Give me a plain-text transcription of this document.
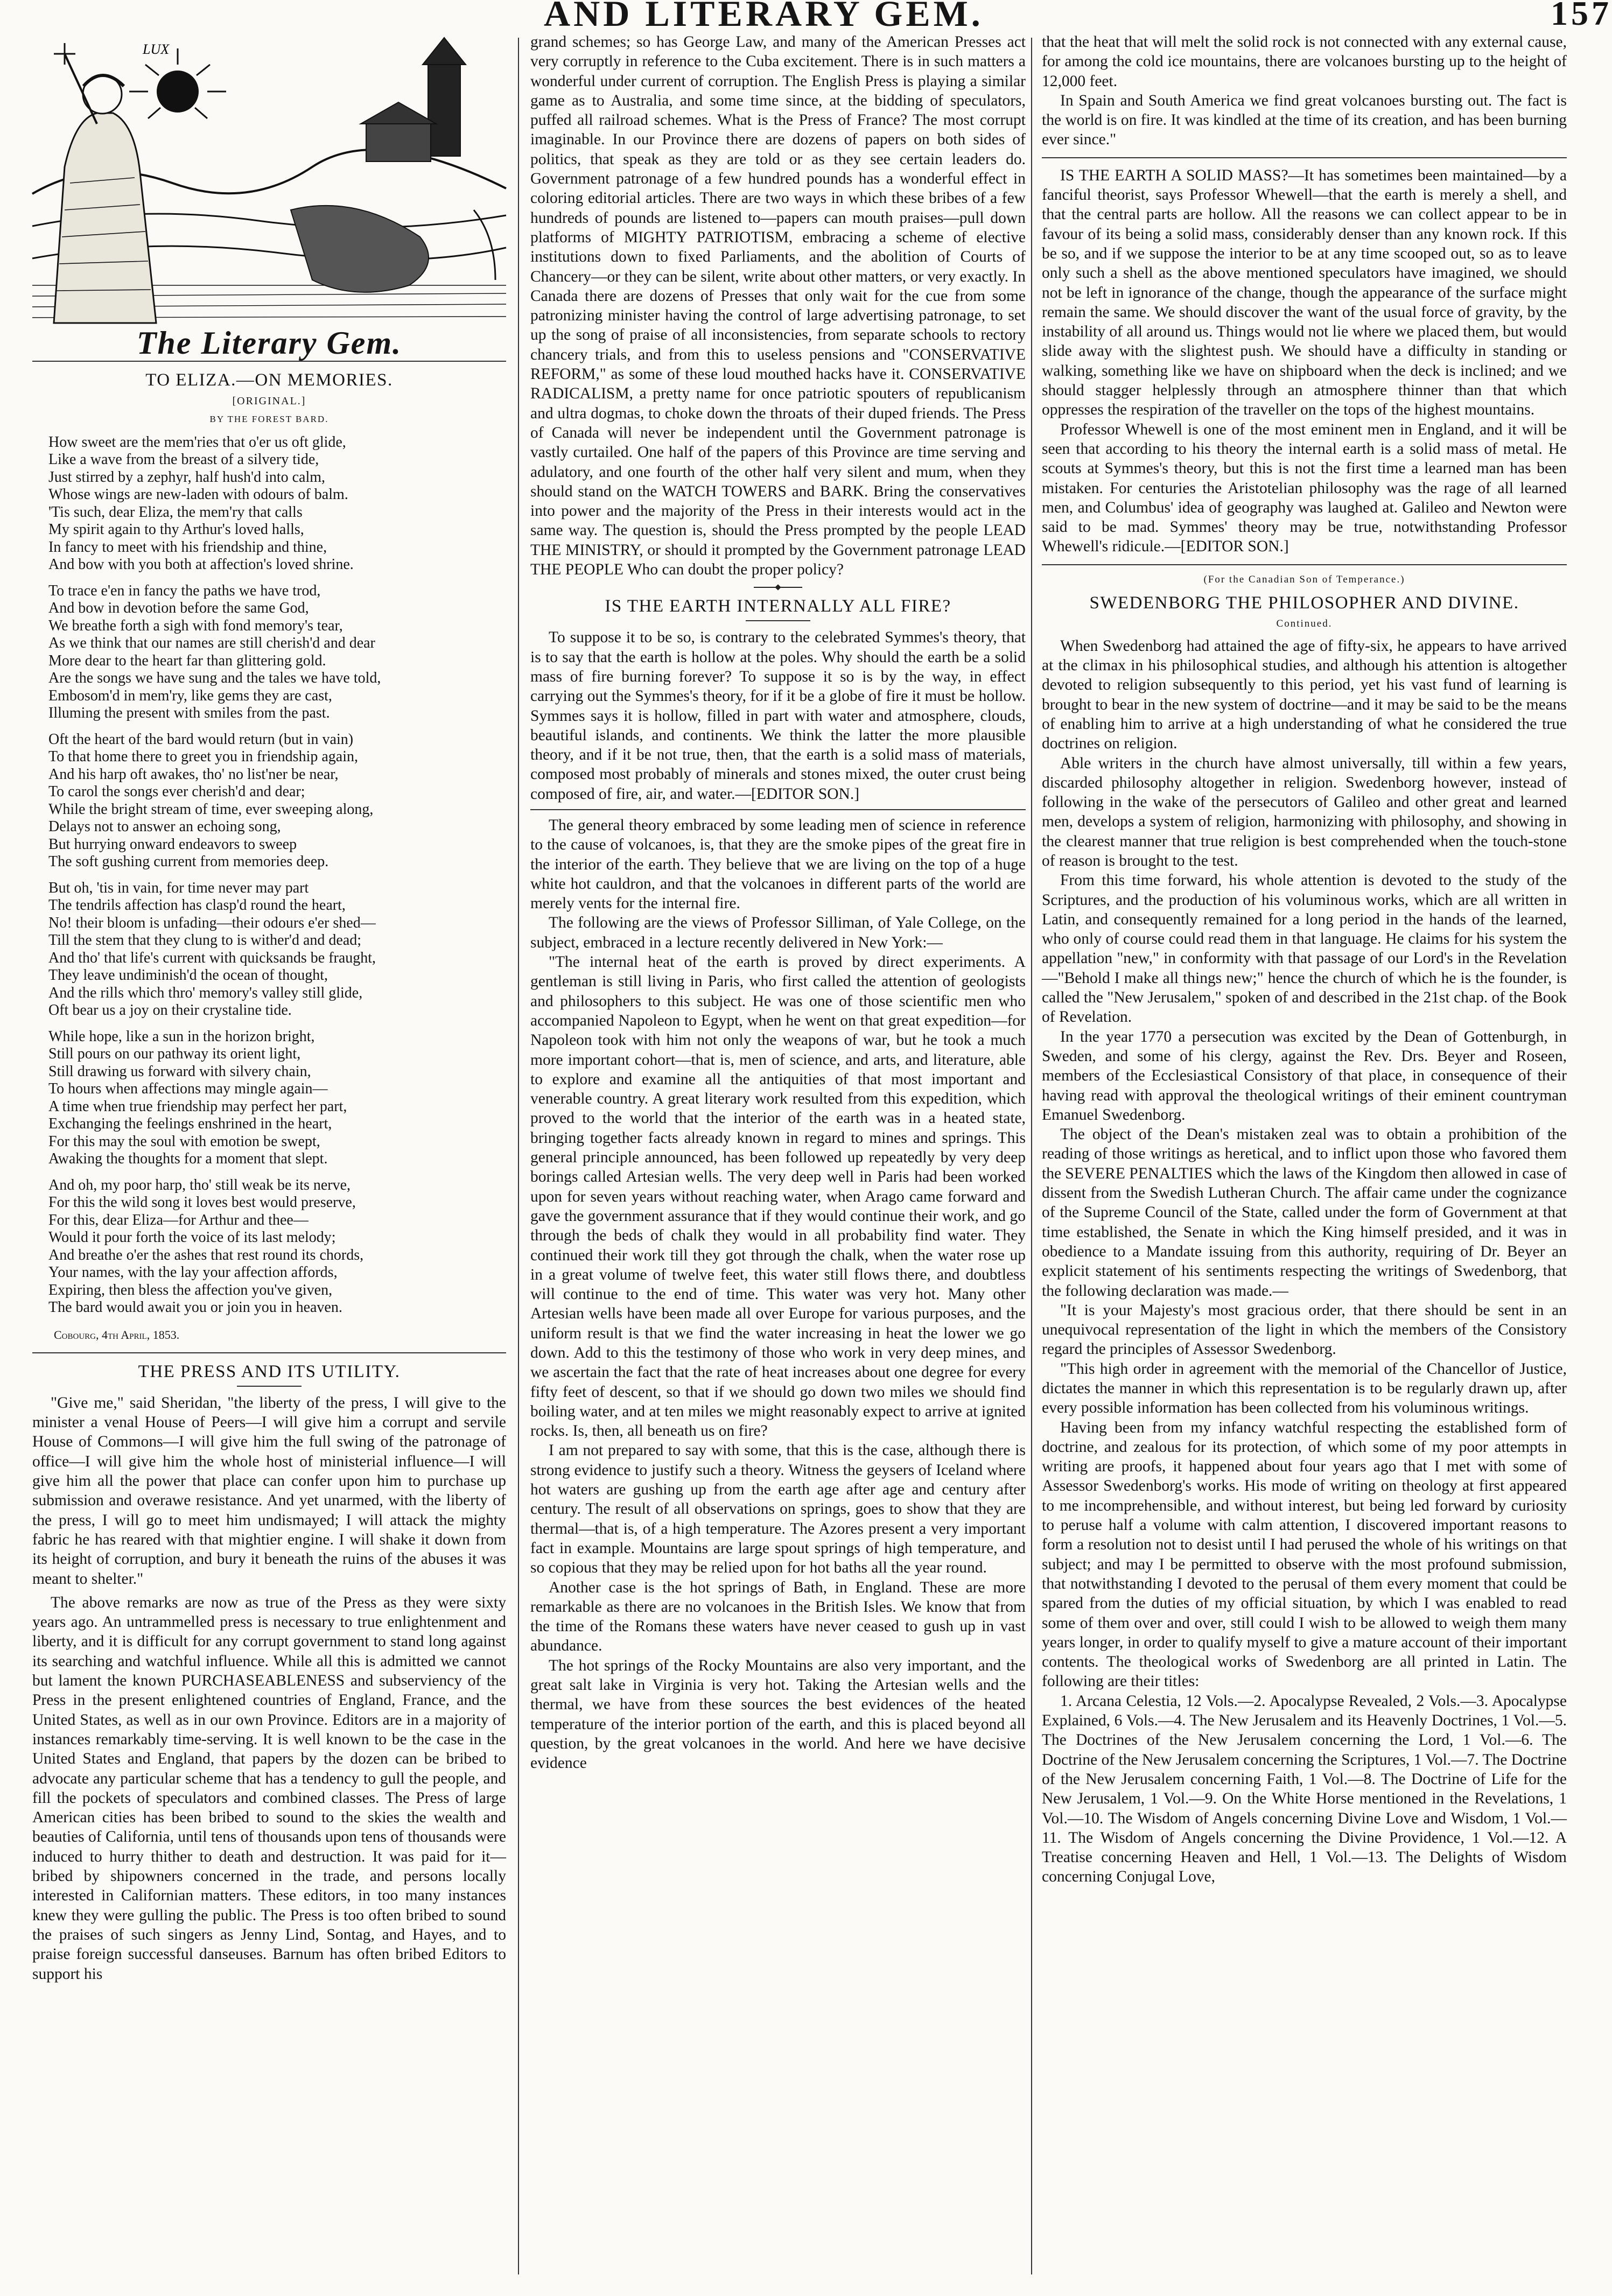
AND LITERARY GEM.	157
LUX
The Literary Gem.
TO ELIZA.—ON MEMORIES.
[ORIGINAL.]
BY THE FOREST BARD.
How sweet are the mem'ries that o'er us oft glide,
Like a wave from the breast of a silvery tide,
Just stirred by a zephyr, half hush'd into calm,
Whose wings are new-laden with odours of balm.
'Tis such, dear Eliza, the mem'ry that calls
My spirit again to thy Arthur's loved halls,
In fancy to meet with his friendship and thine,
And bow with you both at affection's loved shrine.
To trace e'en in fancy the paths we have trod,
And bow in devotion before the same God,
We breathe forth a sigh with fond memory's tear,
As we think that our names are still cherish'd and dear
More dear to the heart far than glittering gold.
Are the songs we have sung and the tales we have told,
Embosom'd in mem'ry, like gems they are cast,
Illuming the present with smiles from the past.
Oft the heart of the bard would return (but in vain)
To that home there to greet you in friendship again,
And his harp oft awakes, tho' no list'ner be near,
To carol the songs ever cherish'd and dear;
While the bright stream of time, ever sweeping along,
Delays not to answer an echoing song,
But hurrying onward endeavors to sweep
The soft gushing current from memories deep.
But oh, 'tis in vain, for time never may part
The tendrils affection has clasp'd round the heart,
No! their bloom is unfading—their odours e'er shed—
Till the stem that they clung to is wither'd and dead;
And tho' that life's current with quicksands be fraught,
They leave undiminish'd the ocean of thought,
And the rills which thro' memory's valley still glide,
Oft bear us a joy on their crystaline tide.
While hope, like a sun in the horizon bright,
Still pours on our pathway its orient light,
Still drawing us forward with silvery chain,
To hours when affections may mingle again—
A time when true friendship may perfect her part,
Exchanging the feelings enshrined in the heart,
For this may the soul with emotion be swept,
Awaking the thoughts for a moment that slept.
And oh, my poor harp, tho' still weak be its nerve,
For this the wild song it loves best would preserve,
For this, dear Eliza—for Arthur and thee—
Would it pour forth the voice of its last melody;
And breathe o'er the ashes that rest round its chords,
Your names, with the lay your affection affords,
Expiring, then bless the affection you've given,
The bard would await you or join you in heaven.
Cobourg, 4th April, 1853.
THE PRESS AND ITS UTILITY.

"Give me," said Sheridan, "the liberty of the press, I will give to the minister a venal House of Peers—I will give him a corrupt and servile House of Commons—I will give him the full swing of the patronage of office—I will give him the whole host of ministerial influence—I will give him all the power that place can confer upon him to purchase up submission and overawe resistance. And yet unarmed, with the liberty of the press, I will go to meet him undismayed; I will attack the mighty fabric he has reared with that mightier engine. I will shake it down from its height of corruption, and bury it beneath the ruins of the abuses it was meant to shelter."

The above remarks are now as true of the Press as they were sixty years ago. An untrammelled press is necessary to true enlightenment and liberty, and it is difficult for any corrupt government to stand long against its searching and watchful influence. While all this is admitted we cannot but lament the known PURCHASEABLENESS and subserviency of the Press in the present enlightened countries of England, France, and the United States, as well as in our own Province. Editors are in a majority of instances remarkably time-serving. It is well known to be the case in the United States and England, that papers by the dozen can be bribed to advocate any particular scheme that has a tendency to gull the people, and fill the pockets of speculators and combined classes. The Press of large American cities has been bribed to sound to the skies the wealth and beauties of California, until tens of thousands upon tens of thousands were induced to hurry thither to death and destruction. It was paid for it—bribed by shipowners concerned in the trade, and persons locally interested in Californian matters. These editors, in too many instances knew they were gulling the public. The Press is too often bribed to sound the praises of such singers as Jenny Lind, Sontag, and Hayes, and to praise foreign successful danseuses. Barnum has often bribed Editors to support his

grand schemes; so has George Law, and many of the American Presses act very corruptly in reference to the Cuba excitement. There is in such matters a wonderful under current of corruption. The English Press is playing a similar game as to Australia, and some time since, at the bidding of speculators, puffed all railroad schemes. What is the Press of France? The most corrupt imaginable. In our Province there are dozens of papers on both sides of politics, that speak as they are told or as they see certain leaders do. Government patronage of a few hundred pounds has a wonderful effect in coloring editorial articles. There are two ways in which these bribes of a few hundreds of pounds are listened to—papers can mouth praises—pull down platforms of MIGHTY PATRIOTISM, embracing a scheme of elective institutions down to fixed Parliaments, and the abolition of Courts of Chancery—or they can be silent, write about other matters, or very exactly. In Canada there are dozens of Presses that only wait for the cue from some patronizing minister having the control of large advertising patronage, to set up the song of praise of all inconsistencies, from separate schools to rectory chancery trials, and from this to useless pensions and "CONSERVATIVE REFORM," as some of these loud mouthed hacks have it. CONSERVATIVE RADICALISM, a pretty name for once patriotic spouters of republicanism and ultra dogmas, to choke down the throats of their duped friends. The Press of Canada will never be independent until the Government patronage is vastly curtailed. One half of the papers of this Province are time serving and adulatory, and one fourth of the other half very silent and mum, when they should stand on the WATCH TOWERS and BARK. Bring the conservatives into power and the majority of the Press in their interests would act in the same way. The question is, should the Press prompted by the people LEAD THE MINISTRY, or should it prompted by the Government patronage LEAD THE PEOPLE Who can doubt the proper policy?

IS THE EARTH INTERNALLY ALL FIRE?

To suppose it to be so, is contrary to the celebrated Symmes's theory, that is to say that the earth is hollow at the poles. Why should the earth be a solid mass of fire burning forever? To suppose it so is by the way, in effect carrying out the Symmes's theory, for if it be a globe of fire it must be hollow. Symmes says it is hollow, filled in part with water and atmosphere, clouds, beautiful islands, and continents. We think the latter the more plausible theory, and if it be not true, then, that the earth is a solid mass of materials, composed most probably of minerals and stones mixed, the outer crust being composed of fire, air, and water.—[EDITOR SON.]

The general theory embraced by some leading men of science in reference to the cause of volcanoes, is, that they are the smoke pipes of the great fire in the interior of the earth. They believe that we are living on the top of a huge white hot cauldron, and that the volcanoes in different parts of the world are merely vents for the internal fire.

The following are the views of Professor Silliman, of Yale College, on the subject, embraced in a lecture recently delivered in New York:—

"The internal heat of the earth is proved by direct experiments. A gentleman is still living in Paris, who first called the attention of geologists and philosophers to this subject. He was one of those scientific men who accompanied Napoleon to Egypt, when he went on that great expedition—for Napoleon took with him not only the weapons of war, but he took a much more important cohort—that is, men of science, and arts, and literature, able to explore and examine all the antiquities of that most important and venerable country. A great literary work resulted from this expedition, which proved to the world that the interior of the earth was in a heated state, bringing together facts already known in regard to mines and springs. This general principle announced, has been followed up repeatedly by very deep borings called Artesian wells. The very deep well in Paris had been worked upon for seven years without reaching water, when Arago came forward and gave the government assurance that if they would continue their work, and go through the beds of chalk they would in all probability find water. They continued their work till they got through the chalk, when the water rose up in a great volume of twelve feet, this water still flows there, and doubtless will continue to the end of time. This water was very hot. Many other Artesian wells have been made all over Europe for various purposes, and the uniform result is that we find the water increasing in heat the lower we go down. Add to this the testimony of those who work in very deep mines, and we ascertain the fact that the rate of heat increases about one degree for every fifty feet of descent, so that if we should go down two miles we should find boiling water, and at ten miles we might reasonably expect to arrive at ignited rocks. Is, then, all beneath us on fire?

I am not prepared to say with some, that this is the case, although there is strong evidence to justify such a theory. Witness the geysers of Iceland where hot waters are gushing up from the earth age after age and century after century. The result of all observations on springs, goes to show that they are thermal—that is, of a high temperature. The Azores present a very important fact in example. Mountains are large spout springs of high temperature, and so copious that they may be relied upon for hot baths all the year round.

Another case is the hot springs of Bath, in England. These are more remarkable as there are no volcanoes in the British Isles. We know that from the time of the Romans these waters have never ceased to gush up in vast abundance.

The hot springs of the Rocky Mountains are also very important, and the great salt lake in Virginia is very hot. Taking the Artesian wells and the thermal, we have from these sources the best evidences of the heated temperature of the interior portion of the earth, and this is placed beyond all question, by the great volcanoes in the world. And here we have decisive evidence

that the heat that will melt the solid rock is not connected with any external cause, for among the cold ice mountains, there are volcanoes bursting up to the height of 12,000 feet.

In Spain and South America we find great volcanoes bursting out. The fact is the world is on fire. It was kindled at the time of its creation, and has been burning ever since."

IS THE EARTH A SOLID MASS?—It has sometimes been maintained—by a fanciful theorist, says Professor Whewell—that the earth is merely a shell, and that the central parts are hollow. All the reasons we can collect appear to be in favour of its being a solid mass, considerably denser than any known rock. If this be so, and if we suppose the interior to be at any time scooped out, so as to leave only such a shell as the above mentioned speculators have imagined, we should not be left in ignorance of the change, though the appearance of the surface might remain the same. We should discover the want of the usual force of gravity, by the instability of all around us. Things would not lie where we placed them, but would slide away with the slightest push. We should have a difficulty in standing or walking, something like we have on shipboard when the deck is inclined; and we should stagger helplessly through an atmosphere thinner than that which oppresses the respiration of the traveller on the tops of the highest mountains.

Professor Whewell is one of the most eminent men in England, and it will be seen that according to his theory the internal earth is a solid mass of metal. He scouts at Symmes's theory, but this is not the first time a learned man has been mistaken. For centuries the Aristotelian philosophy was the rage of all learned men, and Columbus' idea of geography was laughed at. Galileo and Newton were said to be mad. Symmes' theory may be true, notwithstanding Professor Whewell's ridicule.—[EDITOR SON.]

(For the Canadian Son of Temperance.)
SWEDENBORG THE PHILOSOPHER AND DIVINE.
Continued.

When Swedenborg had attained the age of fifty-six, he appears to have arrived at the climax in his philosophical studies, and although his attention is altogether devoted to religion subsequently to this period, yet his vast fund of learning is brought to bear in the new system of doctrine—and it may be said to be the means of enabling him to arrive at a high understanding of what he considered the true doctrines on religion.

Able writers in the church have almost universally, till within a few years, discarded philosophy altogether in religion. Swedenborg however, instead of following in the wake of the persecutors of Galileo and other great and learned men, develops a system of religion, harmonizing with philosophy, and showing in the clearest manner that true religion is best comprehended when the touch-stone of reason is brought to the test.

From this time forward, his whole attention is devoted to the study of the Scriptures, and the production of his voluminous works, which are all written in Latin, and consequently remained for a long period in the hands of the learned, who only of course could read them in that language. He claims for his system the appellation "new," in conformity with that passage of our Lord's in the Revelation—"Behold I make all things new;" hence the church of which he is the founder, is called the "New Jerusalem," spoken of and described in the 21st chap. of the Book of Revelation.

In the year 1770 a persecution was excited by the Dean of Gottenburgh, in Sweden, and some of his clergy, against the Rev. Drs. Beyer and Roseen, members of the Ecclesiastical Consistory of that place, in consequence of their having read with approval the theological writings of their eminent countryman Emanuel Swedenborg.

The object of the Dean's mistaken zeal was to obtain a prohibition of the reading of those writings as heretical, and to inflict upon those who favored them the SEVERE PENALTIES which the laws of the Kingdom then allowed in case of dissent from the Swedish Lutheran Church. The affair came under the cognizance of the Supreme Council of the State, called under the form of Government at that time established, the Senate in which the King himself presided, and it was in obedience to a Mandate issuing from this authority, requiring of Dr. Beyer an explicit statement of his sentiments respecting the writings of Swedenborg, that the following declaration was made.—

"It is your Majesty's most gracious order, that there should be sent in an unequivocal representation of the light in which the members of the Consistory regard the principles of Assessor Swedenborg.

"This high order in agreement with the memorial of the Chancellor of Justice, dictates the manner in which this representation is to be regularly drawn up, after every possible information has been collected from his voluminous writings.

Having been from my infancy watchful respecting the established form of doctrine, and zealous for its protection, of which some of my poor attempts in writing are proofs, it happened about four years ago that I met with some of Assessor Swedenborg's works. His mode of writing on theology at first appeared to me incomprehensible, and without interest, but being led forward by curiosity to peruse half a volume with calm attention, I discovered important reasons to form a resolution not to desist until I had perused the whole of his writings on that subject; and may I be permitted to observe with the most profound submission, that notwithstanding I devoted to the perusal of them every moment that could be spared from the duties of my official situation, by which I was enabled to read some of them over and over, still could I wish to be allowed to weigh them many years longer, in order to qualify myself to give a mature account of their important contents. The theological works of Swedenborg are all printed in Latin. The following are their titles:

1. Arcana Celestia, 12 Vols.—2. Apocalypse Revealed, 2 Vols.—3. Apocalypse Explained, 6 Vols.—4. The New Jerusalem and its Heavenly Doctrines, 1 Vol.—5. The Doctrines of the New Jerusalem concerning the Lord, 1 Vol.—6. The Doctrine of the New Jerusalem concerning the Scriptures, 1 Vol.—7. The Doctrine of the New Jerusalem concerning Faith, 1 Vol.—8. The Doctrine of Life for the New Jerusalem, 1 Vol.—9. On the White Horse mentioned in the Revelations, 1 Vol.—10. The Wisdom of Angels concerning Divine Love and Wisdom, 1 Vol.—11. The Wisdom of Angels concerning the Divine Providence, 1 Vol.—12. A Treatise concerning Heaven and Hell, 1 Vol.—13. The Delights of Wisdom concerning Conjugal Love,
